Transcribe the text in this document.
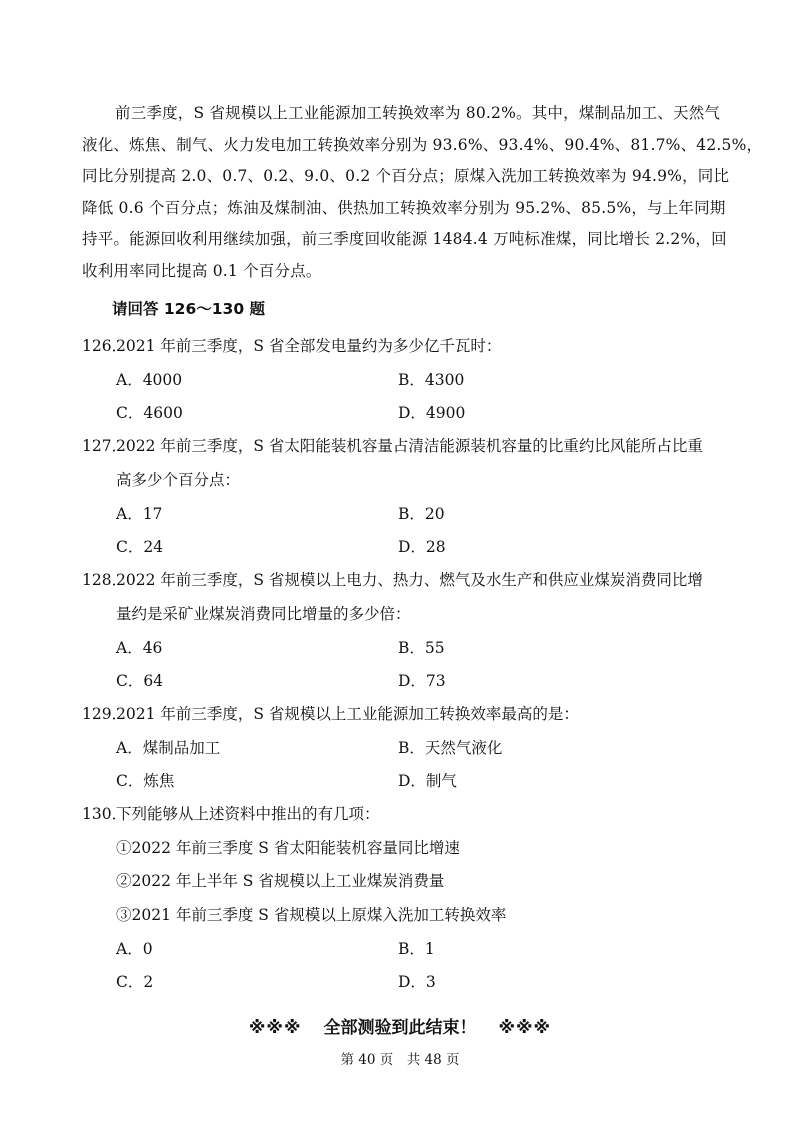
前三季度，S 省规模以上工业能源加工转换效率为 80.2%。其中，煤制品加工、天然气
液化、炼焦、制气、火力发电加工转换效率分别为 93.6%、93.4%、90.4%、81.7%、42.5%，
同比分别提高 2.0、0.7、0.2、9.0、0.2 个百分点；原煤入洗加工转换效率为 94.9%，同比
降低 0.6 个百分点；炼油及煤制油、供热加工转换效率分别为 95.2%、85.5%，与上年同期
持平。能源回收利用继续加强，前三季度回收能源 1484.4 万吨标准煤，同比增长 2.2%，回
收利用率同比提高 0.1 个百分点。
请回答 126～130 题
126．2021 年前三季度，S 省全部发电量约为多少亿千瓦时：
A．4000	B．4300
C．4600	D．4900
127．2022 年前三季度，S 省太阳能装机容量占清洁能源装机容量的比重约比风能所占比重
高多少个百分点：
A．17	B．20
C．24	D．28
128．2022 年前三季度，S 省规模以上电力、热力、燃气及水生产和供应业煤炭消费同比增
量约是采矿业煤炭消费同比增量的多少倍：
A．46	B．55
C．64	D．73
129．2021 年前三季度，S 省规模以上工业能源加工转换效率最高的是：
A．煤制品加工	B．天然气液化
C．炼焦	D．制气
130．下列能够从上述资料中推出的有几项：
①2022 年前三季度 S 省太阳能装机容量同比增速
②2022 年上半年 S 省规模以上工业煤炭消费量
③2021 年前三季度 S 省规模以上原煤入洗加工转换效率
A．0	B．1
C．2	D．3
※※※ 全部测验到此结束！ ※※※
第 40 页　共 48 页
